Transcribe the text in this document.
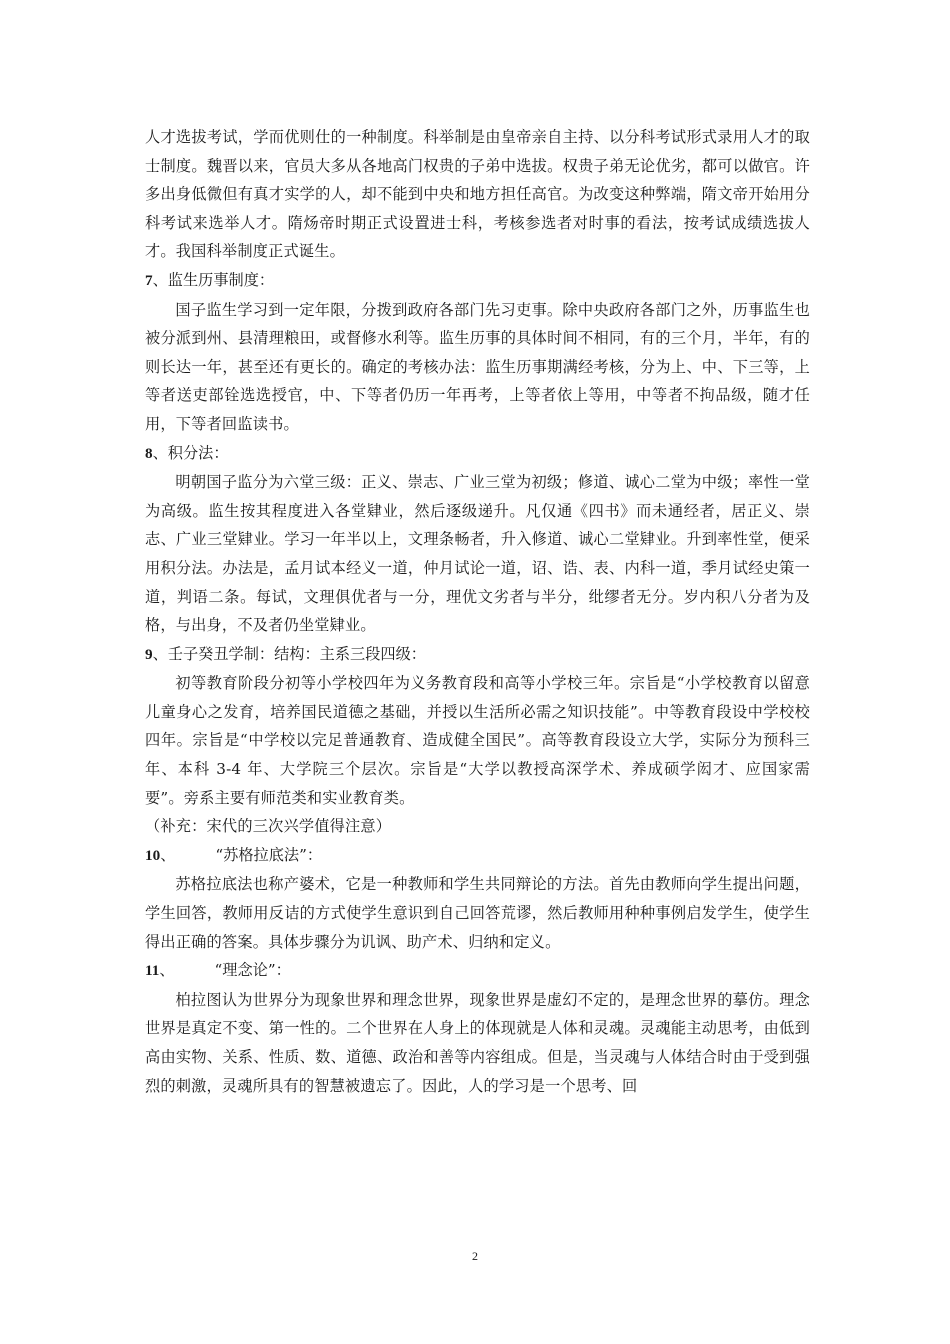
人才选拔考试，学而优则仕的一种制度。科举制是由皇帝亲自主持、以分科考试形式录用人才的取士制度。魏晋以来，官员大多从各地高门权贵的子弟中选拔。权贵子弟无论优劣，都可以做官。许多出身低微但有真才实学的人，却不能到中央和地方担任高官。为改变这种弊端，隋文帝开始用分科考试来选举人才。隋炀帝时期正式设置进士科，考核参选者对时事的看法，按考试成绩选拔人才。我国科举制度正式诞生。

7、监生历事制度：

国子监生学习到一定年限，分拨到政府各部门先习吏事。除中央政府各部门之外，历事监生也被分派到州、县清理粮田，或督修水利等。监生历事的具体时间不相同，有的三个月，半年，有的则长达一年，甚至还有更长的。确定的考核办法：监生历事期满经考核，分为上、中、下三等，上等者送吏部铨选选授官，中、下等者仍历一年再考，上等者依上等用，中等者不拘品级，随才任用，下等者回监读书。

8、积分法：

明朝国子监分为六堂三级：正义、崇志、广业三堂为初级；修道、诚心二堂为中级；率性一堂为高级。监生按其程度进入各堂肄业，然后逐级递升。凡仅通《四书》而未通经者，居正义、崇志、广业三堂肄业。学习一年半以上，文理条畅者，升入修道、诚心二堂肄业。升到率性堂，便采用积分法。办法是，孟月试本经义一道，仲月试论一道，诏、诰、表、内科一道，季月试经史策一道，判语二条。每试，文理俱优者与一分，理优文劣者与半分，纰缪者无分。岁内积八分者为及格，与出身，不及者仍坐堂肄业。

9、壬子癸丑学制：结构：主系三段四级：

初等教育阶段分初等小学校四年为义务教育段和高等小学校三年。宗旨是“小学校教育以留意儿童身心之发育，培养国民道德之基础，并授以生活所必需之知识技能”。中等教育段设中学校校四年。宗旨是“中学校以完足普通教育、造成健全国民”。高等教育段设立大学，实际分为预科三年、本科 3-4 年、大学院三个层次。宗旨是“大学以教授高深学术、养成硕学闳才、应国家需要”。旁系主要有师范类和实业教育类。

（补充：宋代的三次兴学值得注意）

10、	“苏格拉底法”：

苏格拉底法也称产婆术，它是一种教师和学生共同辩论的方法。首先由教师向学生提出问题，学生回答，教师用反诘的方式使学生意识到自己回答荒谬，然后教师用种种事例启发学生，使学生得出正确的答案。具体步骤分为讥讽、助产术、归纳和定义。

11、	“理念论”：

柏拉图认为世界分为现象世界和理念世界，现象世界是虚幻不定的，是理念世界的摹仿。理念世界是真定不变、第一性的。二个世界在人身上的体现就是人体和灵魂。灵魂能主动思考，由低到高由实物、关系、性质、数、道德、政治和善等内容组成。但是，当灵魂与人体结合时由于受到强烈的刺激，灵魂所具有的智慧被遗忘了。因此，人的学习是一个思考、回

2
